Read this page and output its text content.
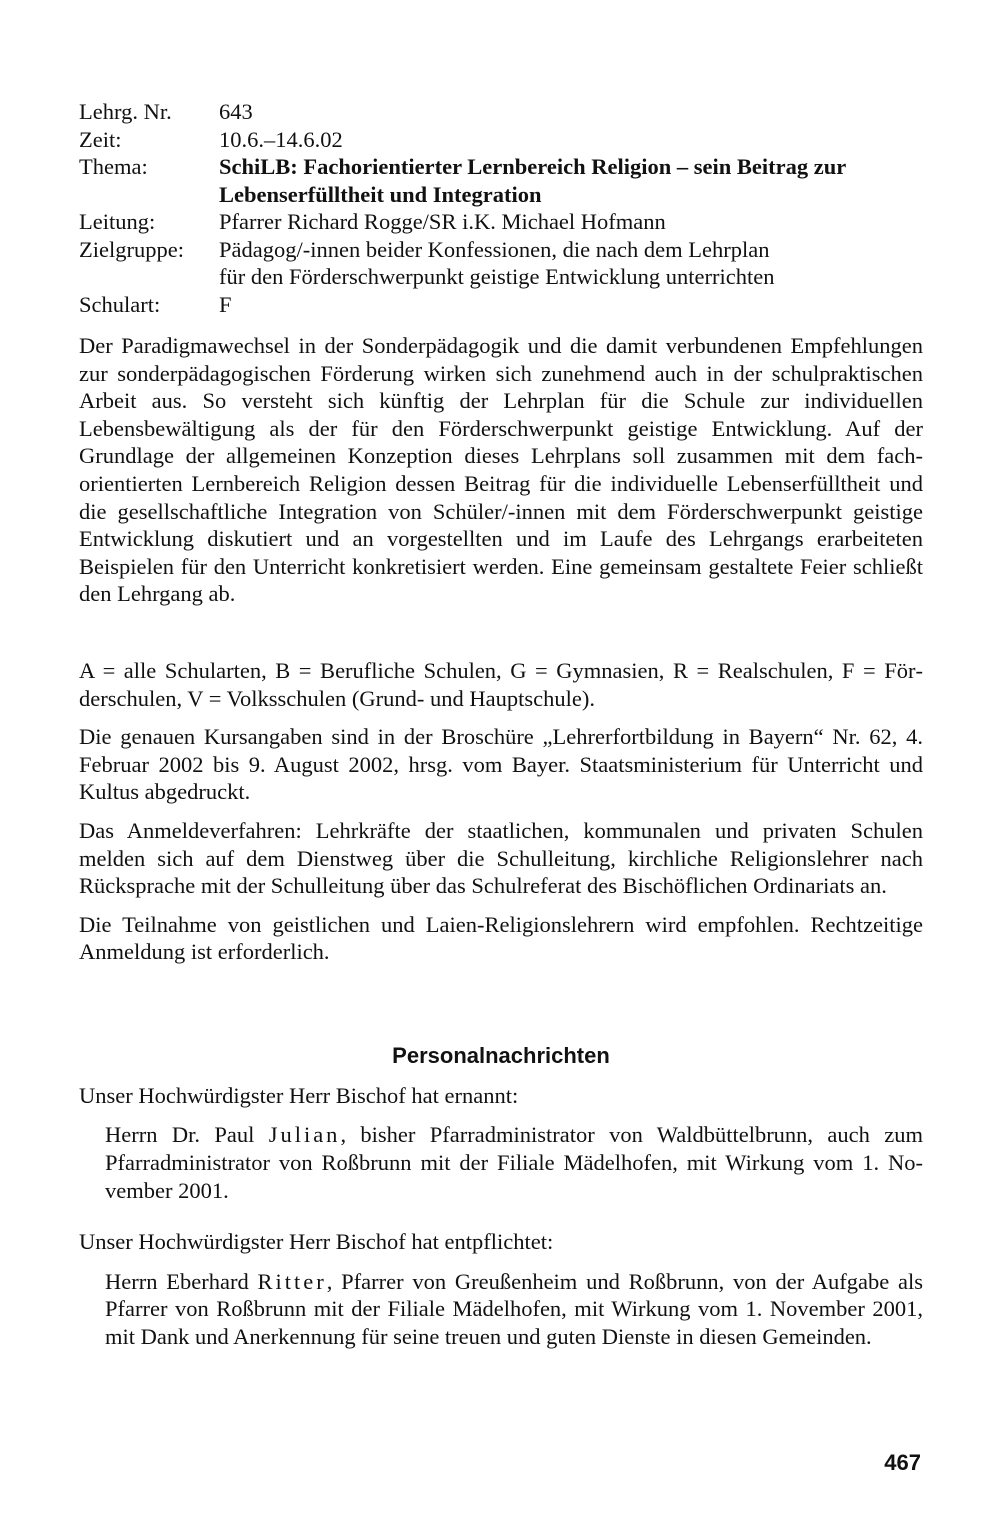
Lehrg. Nr.	643
Zeit:	10.6.–14.6.02
Thema:	SchiLB: Fachorientierter Lernbereich Religion – sein Beitrag zur
Lebenserfülltheit und Integration
Leitung:	Pfarrer Richard Rogge/SR i.K. Michael Hofmann
Zielgruppe:	Pädagog/-innen beider Konfessionen, die nach dem Lehrplan
für den Förderschwerpunkt geistige Entwicklung unterrichten
Schulart:	F

Der Paradigmawechsel in der Sonderpädagogik und die damit verbundenen Empfehlungen zur sonderpädagogischen Förderung wirken sich zunehmend auch in der schulpraktischen Arbeit aus. So versteht sich künftig der Lehrplan für die Schule zur individuellen Lebensbewältigung als der für den Förderschwerpunkt geistige Entwicklung. Auf der Grundlage der allgemeinen Konzeption dieses Lehrplans soll zusammen mit dem fachorientierten Lernbereich Religion dessen Beitrag für die individuelle Lebenserfülltheit und die gesellschaftliche Integration von Schüler/-innen mit dem Förderschwerpunkt geistige Entwicklung diskutiert und an vorgestellten und im Laufe des Lehrgangs erarbeiteten Beispielen für den Unterricht konkretisiert werden. Eine gemeinsam gestaltete Feier schließt den Lehrgang ab.

A = alle Schularten, B = Berufliche Schulen, G = Gymnasien, R = Realschulen, F = Förderschulen, V = Volksschulen (Grund- und Hauptschule).

Die genauen Kursangaben sind in der Broschüre „Lehrerfortbildung in Bayern“ Nr. 62, 4. Februar 2002 bis 9. August 2002, hrsg. vom Bayer. Staatsministerium für Unterricht und Kultus abgedruckt.

Das Anmeldeverfahren: Lehrkräfte der staatlichen, kommunalen und privaten Schulen melden sich auf dem Dienstweg über die Schulleitung, kirchliche Religionslehrer nach Rücksprache mit der Schulleitung über das Schulreferat des Bischöflichen Ordinariats an.

Die Teilnahme von geistlichen und Laien-Religionslehrern wird empfohlen. Rechtzeitige Anmeldung ist erforderlich.

Personalnachrichten

Unser Hochwürdigster Herr Bischof hat ernannt:

Herrn Dr. Paul Julian, bisher Pfarradministrator von Waldbüttelbrunn, auch zum Pfarradministrator von Roßbrunn mit der Filiale Mädelhofen, mit Wirkung vom 1. November 2001.

Unser Hochwürdigster Herr Bischof hat entpflichtet:

Herrn Eberhard Ritter, Pfarrer von Greußenheim und Roßbrunn, von der Aufgabe als Pfarrer von Roßbrunn mit der Filiale Mädelhofen, mit Wirkung vom 1. November 2001, mit Dank und Anerkennung für seine treuen und guten Dienste in diesen Gemeinden.

467
